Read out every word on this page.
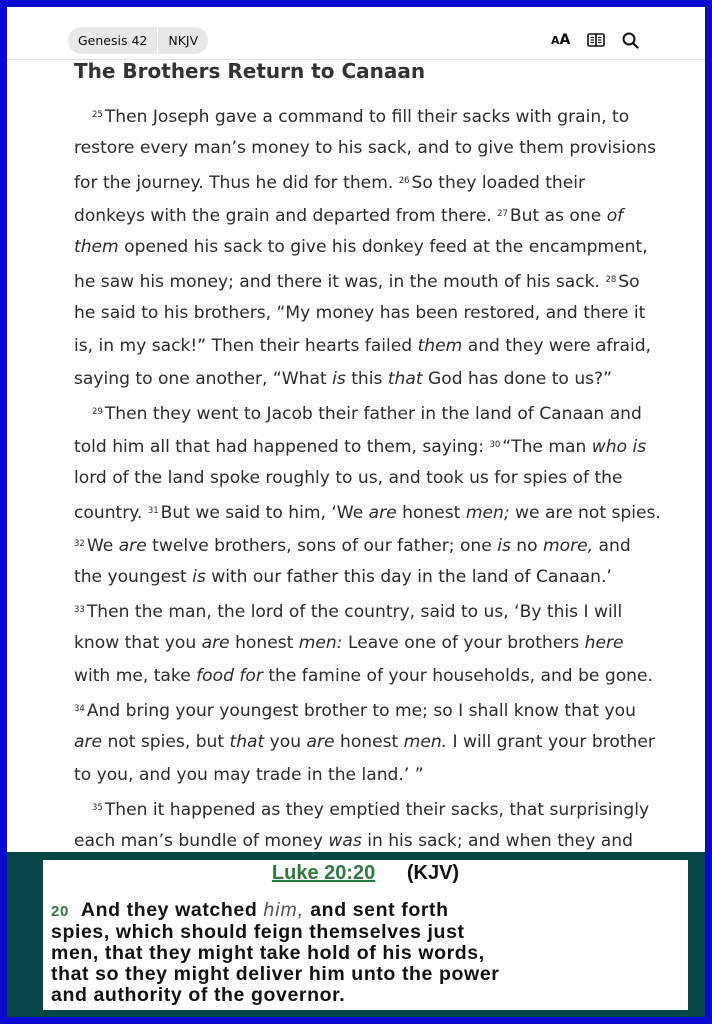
Genesis 42	NKJV	A A
The Brothers Return to Canaan
$^{25}$ Then Joseph gave a command to fill their sacks with grain, to
restore every man’s money to his sack, and to give them provisions
for the journey. Thus he did for them. $^{26}$ So they loaded their
donkeys with the grain and departed from there. $^{27}$ But as one of
them opened his sack to give his donkey feed at the encampment,
he saw his money; and there it was, in the mouth of his sack. $^{28}$ So
he said to his brothers, “My money has been restored, and there it
is, in my sack!” Then their hearts failed them and they were afraid,
saying to one another, “What is this that God has done to us?”
$^{29}$ Then they went to Jacob their father in the land of Canaan and
told him all that had happened to them, saying: $^{30}$ “The man who is
lord of the land spoke roughly to us, and took us for spies of the
country. $^{31}$ But we said to him, ‘We are honest men; we are not spies.
$^{32}$ We are twelve brothers, sons of our father; one is no more, and
the youngest is with our father this day in the land of Canaan.’
$^{33}$ Then the man, the lord of the country, said to us, ‘By this I will
know that you are honest men: Leave one of your brothers here
with me, take food for the famine of your households, and be gone.
$^{34}$ And bring your youngest brother to me; so I shall know that you
are not spies, but that you are honest men. I will grant your brother
to you, and you may trade in the land.’ ”
$^{35}$ Then it happened as they emptied their sacks, that surprisingly
each man’s bundle of money was in his sack; and when they and
Luke 20:20 (KJV)
20 And they watched him, and sent forth
spies, which should feign themselves just
men, that they might take hold of his words,
that so they might deliver him unto the power
and authority of the governor.
